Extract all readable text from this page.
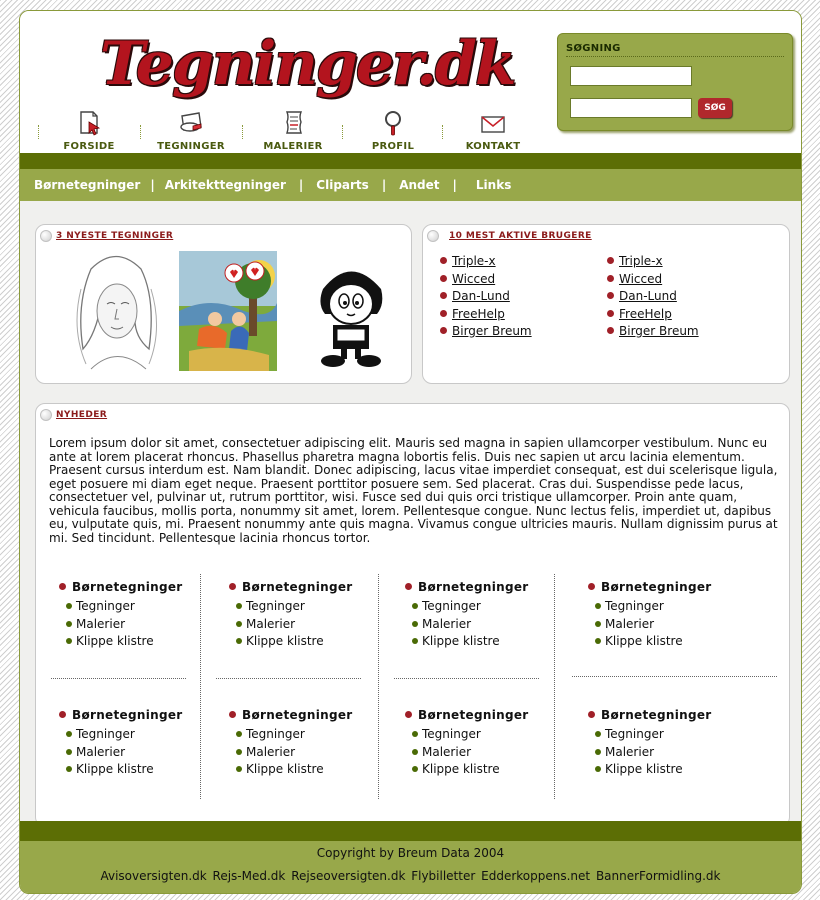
Tegninger.dk
FORSIDE	TEGNINGER	MALERIER	PROFIL	KONTAKT
SØGNING
SØG
Børnetegninger | Arkitekttegninger | Cliparts | Andet | Links
3 NYESTE TEGNINGER	10 MEST AKTIVE BRUGERE
Triple-x
Wicced
Dan-Lund
FreeHelp
Birger Breum
Triple-x
Wicced
Dan-Lund
FreeHelp
Birger Breum
NYHEDER
Lorem ipsum dolor sit amet, consectetuer adipiscing elit. Mauris sed magna in sapien ullamcorper vestibulum. Nunc eu ante at lorem placerat rhoncus. Phasellus pharetra magna lobortis felis. Duis nec sapien ut arcu lacinia elementum. Praesent cursus interdum est. Nam blandit. Donec adipiscing, lacus vitae imperdiet consequat, est dui scelerisque ligula, eget posuere mi diam eget neque. Praesent porttitor posuere sem. Sed placerat. Cras dui. Suspendisse pede lacus, consectetuer vel, pulvinar ut, rutrum porttitor, wisi. Fusce sed dui quis orci tristique ullamcorper. Proin ante quam, vehicula faucibus, mollis porta, nonummy sit amet, lorem. Pellentesque congue. Nunc lectus felis, imperdiet ut, dapibus eu, vulputate quis, mi. Praesent nonummy ante quis magna. Vivamus congue ultricies mauris. Nullam dignissim purus at mi. Sed tincidunt. Pellentesque lacinia rhoncus tortor.
Børnetegninger
Tegninger
Malerier
Klippe klistre
Børnetegninger
Tegninger
Malerier
Klippe klistre
Børnetegninger
Tegninger
Malerier
Klippe klistre
Børnetegninger
Tegninger
Malerier
Klippe klistre
Børnetegninger
Tegninger
Malerier
Klippe klistre
Børnetegninger
Tegninger
Malerier
Klippe klistre
Børnetegninger
Tegninger
Malerier
Klippe klistre
Børnetegninger
Tegninger
Malerier
Klippe klistre
Copyright by Breum Data 2004
Avisoversigten.dk Rejs-Med.dk Rejseoversigten.dk Flybilletter Edderkoppens.net BannerFormidling.dk
